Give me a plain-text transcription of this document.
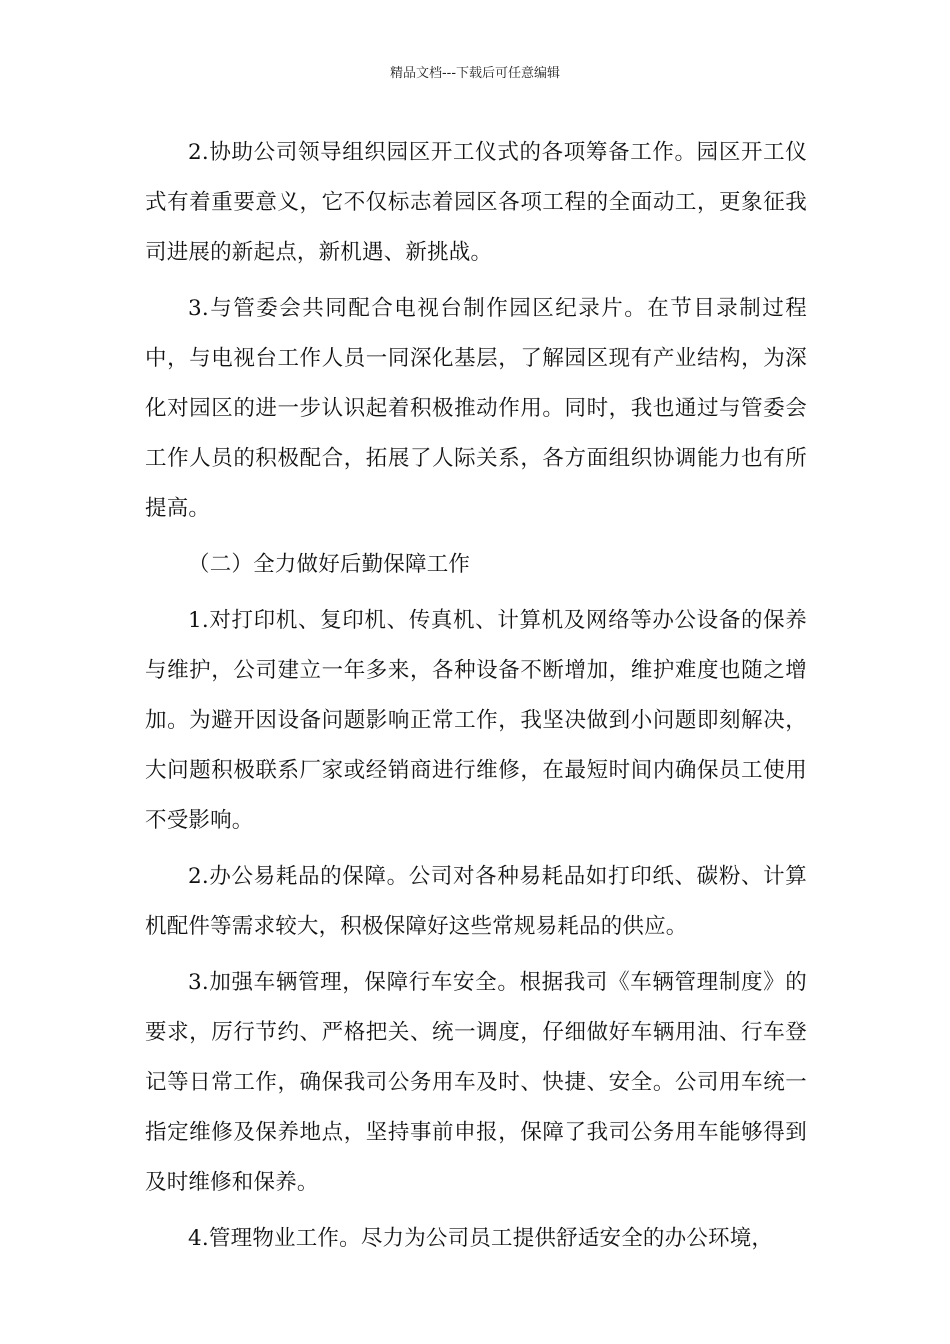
精品文档---下载后可任意编辑

2.协助公司领导组织园区开工仪式的各项筹备工作。园区开工仪式有着重要意义，它不仅标志着园区各项工程的全面动工，更象征我司进展的新起点，新机遇、新挑战。

3.与管委会共同配合电视台制作园区纪录片。在节目录制过程中，与电视台工作人员一同深化基层，了解园区现有产业结构，为深化对园区的进一步认识起着积极推动作用。同时，我也通过与管委会工作人员的积极配合，拓展了人际关系，各方面组织协调能力也有所提高。

（二）全力做好后勤保障工作

1.对打印机、复印机、传真机、计算机及网络等办公设备的保养与维护，公司建立一年多来，各种设备不断增加，维护难度也随之增加。为避开因设备问题影响正常工作，我坚决做到小问题即刻解决，大问题积极联系厂家或经销商进行维修，在最短时间内确保员工使用不受影响。

2.办公易耗品的保障。公司对各种易耗品如打印纸、碳粉、计算机配件等需求较大，积极保障好这些常规易耗品的供应。

3.加强车辆管理，保障行车安全。根据我司《车辆管理制度》的要求，厉行节约、严格把关、统一调度，仔细做好车辆用油、行车登记等日常工作，确保我司公务用车及时、快捷、安全。公司用车统一指定维修及保养地点，坚持事前申报，保障了我司公务用车能够得到及时维修和保养。

4.管理物业工作。尽力为公司员工提供舒适安全的办公环境，
